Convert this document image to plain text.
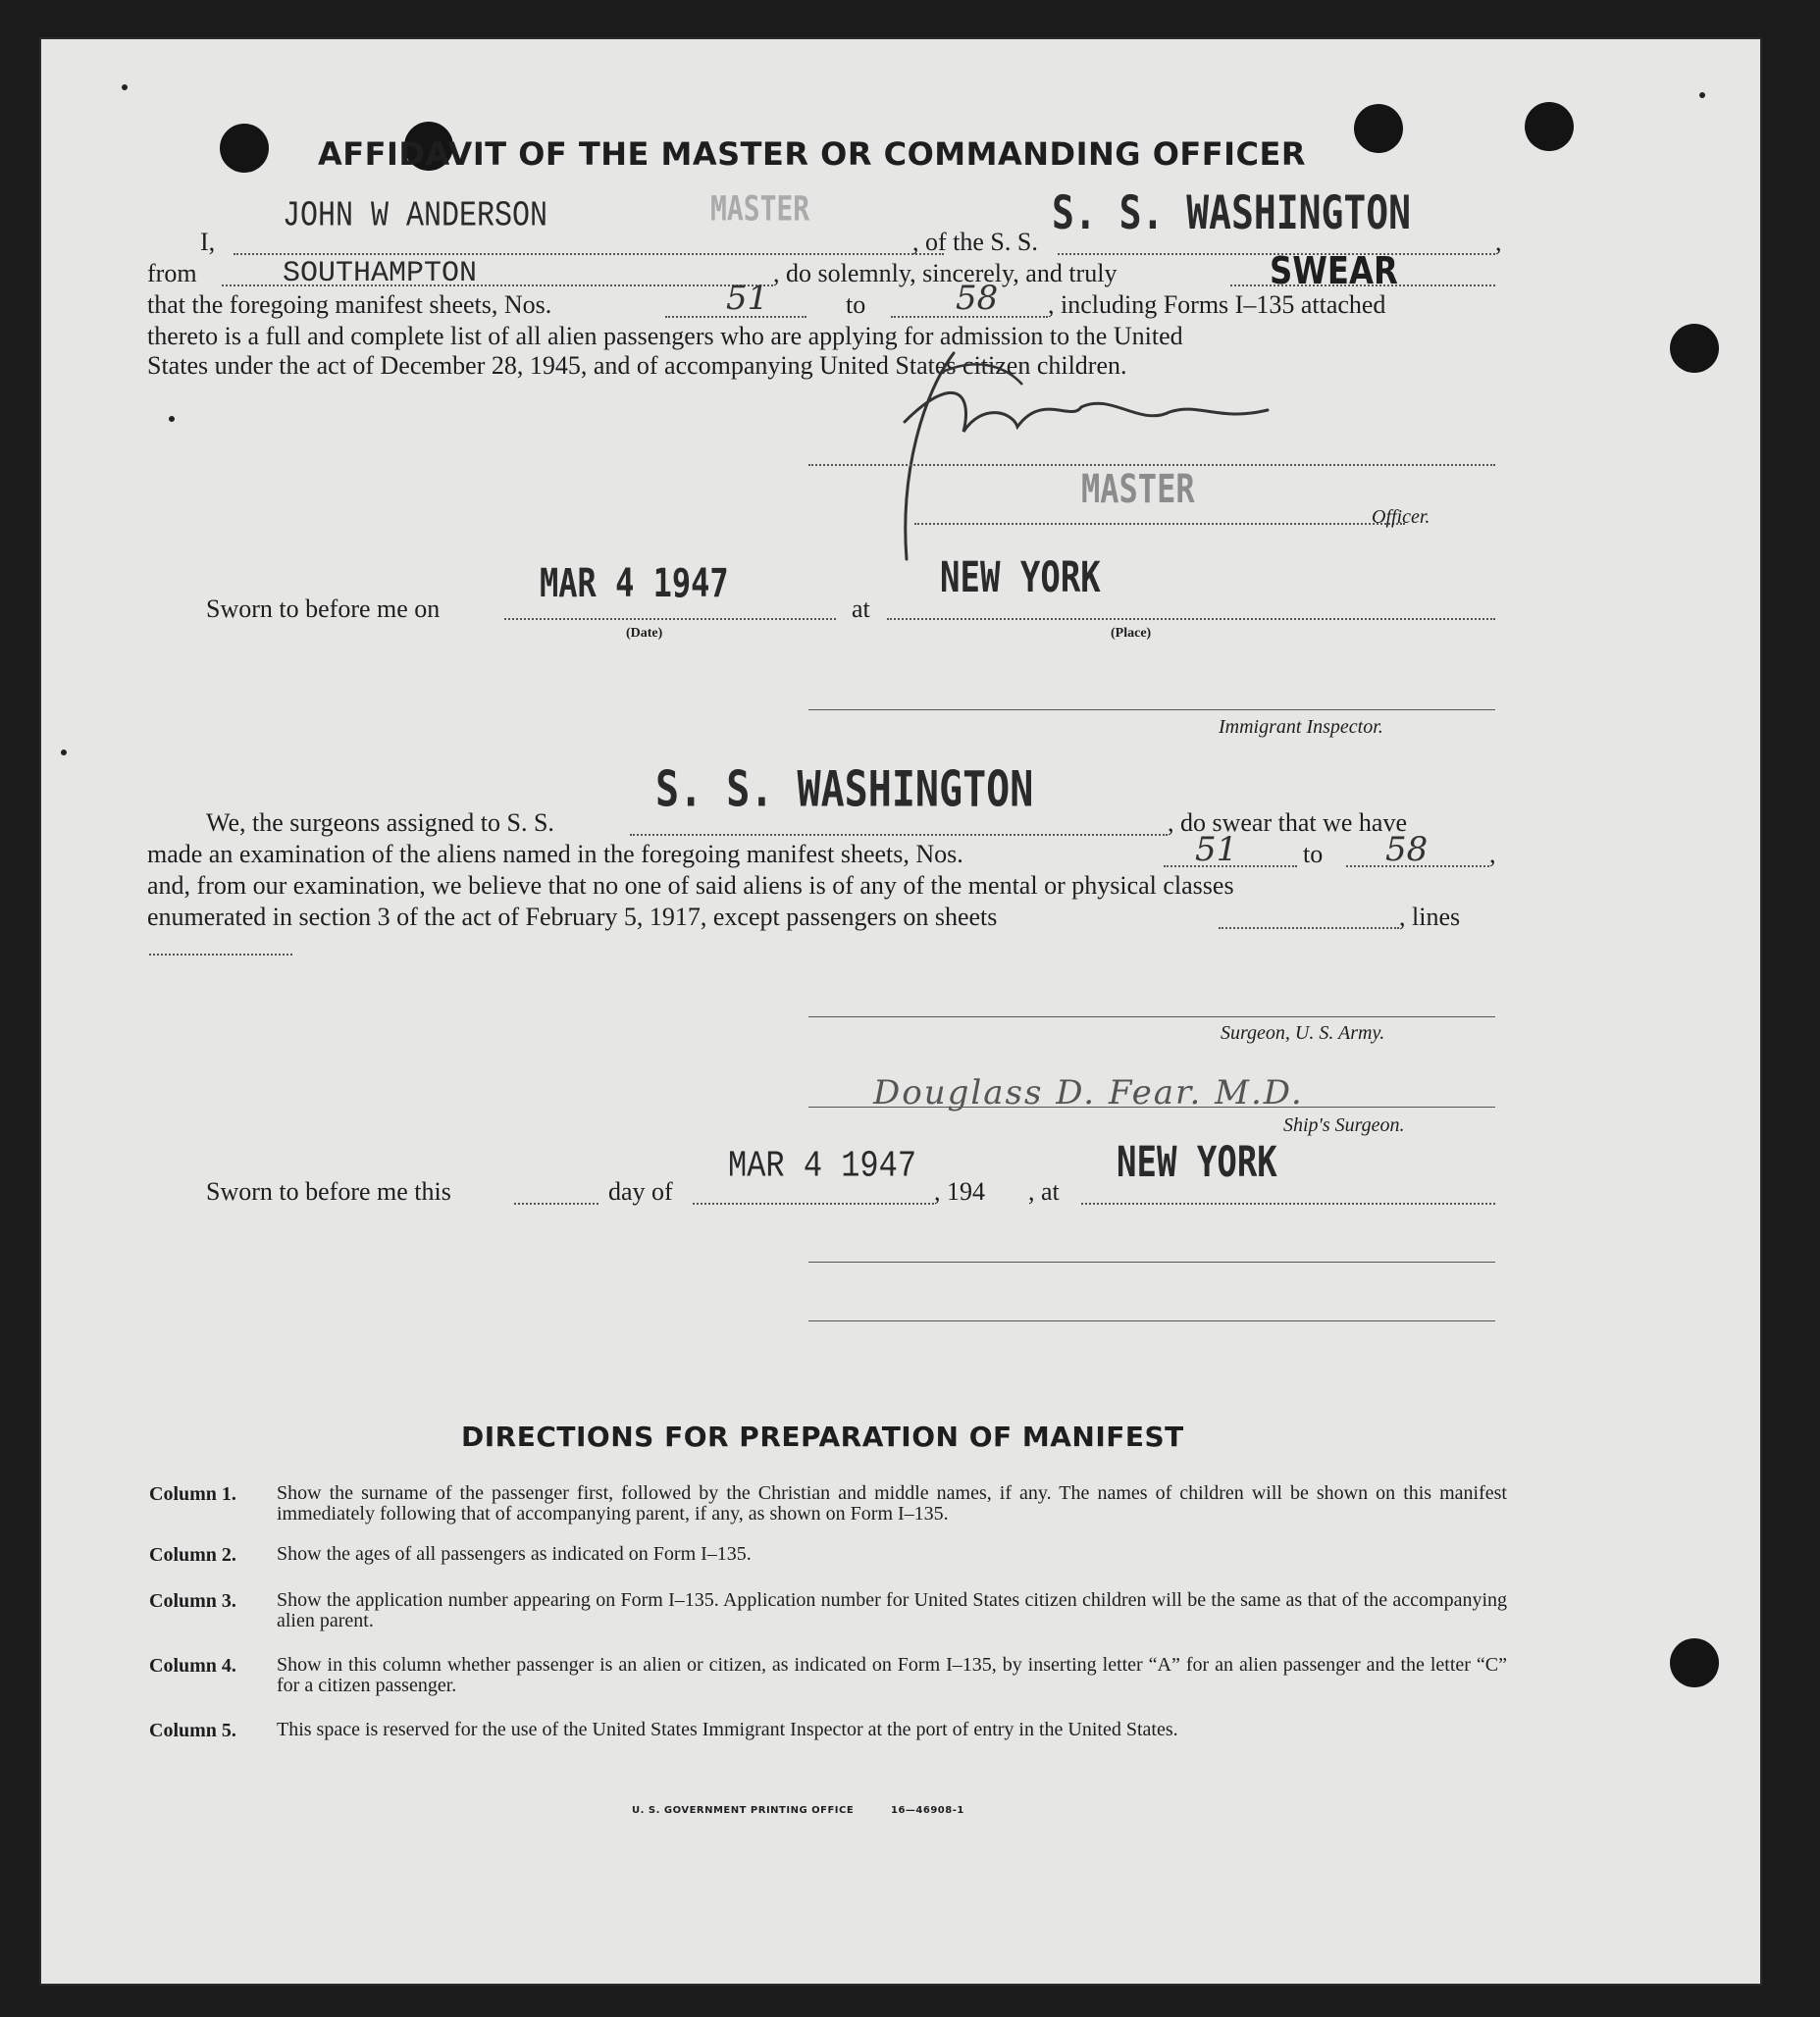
AFFIDAVIT OF THE MASTER OR COMMANDING OFFICER
I,
JOHN W ANDERSON	MASTER
, of the S. S.
S. S. WASHINGTON
,
from	SOUTHAMPTON	, do solemnly, sincerely, and truly	SWEAR
that the foregoing manifest sheets, Nos.	51	to	58 , including Forms I–135 attached
thereto is a full and complete list of all alien passengers who are applying for admission to the United
States under the act of December 28, 1945, and of accompanying United States citizen children.
MASTER
Officer.
Sworn to before me on
MAR 4 1947
at
NEW YORK
(Date)	(Place)
Immigrant Inspector.
We, the surgeons assigned to S. S.
S. S. WASHINGTON
, do swear that we have
made an examination of the aliens named in the foregoing manifest sheets, Nos.	51	to 58 ,
and, from our examination, we believe that no one of said aliens is of any of the mental or physical classes
enumerated in section 3 of the act of February 5, 1917, except passengers on sheets	, lines
Surgeon, U. S. Army.
Douglass D. Fear. M.D.
Ship's Surgeon.
Sworn to before me this	day of
MAR 4 1947
, 194 , at
NEW YORK
DIRECTIONS FOR PREPARATION OF MANIFEST
Column 1.	Show the surname of the passenger first, followed by the Christian and middle names, if any. The names of children will be shown on this manifest immediately following that of accompanying parent, if any, as shown on Form I–135.
Column 2.	Show the ages of all passengers as indicated on Form I–135.
Column 3.	Show the application number appearing on Form I–135. Application number for United States citizen children will be the same as that of the accompanying alien parent.
Column 4.	Show in this column whether passenger is an alien or citizen, as indicated on Form I–135, by inserting letter “A” for an alien passenger and the letter “C” for a citizen passenger.
Column 5.	This space is reserved for the use of the United States Immigrant Inspector at the port of entry in the United States.
U. S. GOVERNMENT PRINTING OFFICE	16—46908-1
